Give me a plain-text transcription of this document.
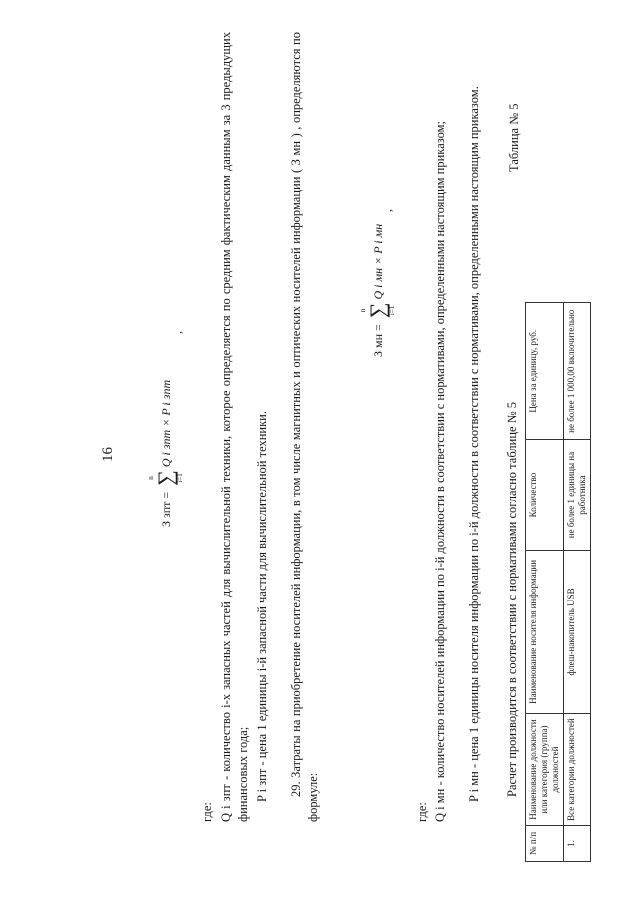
16
З зпт =
n
∑
i=1
Q i зпт × P i зпт
,
где: Q i зпт - количество i-х запасных частей для вычислительной техники, которое определяется по средним фактическим данным за 3 предыдущих финансовых года; P i зпт - цена 1 единицы i-й запасной части для вычислительной техники. 29. Затраты на приобретение носителей информации, в том числе магнитных и оптических носителей информации ( З мн ) , определяются по формуле:
З мн =
n
∑
i=1
Q i мн × P i мн
,
где: Q i мн - количество носителей информации по i-й должности в соответствии с нормативами, определенными настоящим приказом; P i мн - цена 1 единицы носителя информации по i-й должности в соответствии с нормативами, определенными настоящим приказом. Расчет производится в соответствии с нормативами согласно таблице № 5
Таблица № 5
№ п/п	Наименование должности или категория (группа) должностей	Наименование носителя информации	Количество	Цена за единицу, руб.
1.	Все категории должностей	флеш-накопитель USB	не более 1 единицы на работника	не более 1 000,00 включительно
